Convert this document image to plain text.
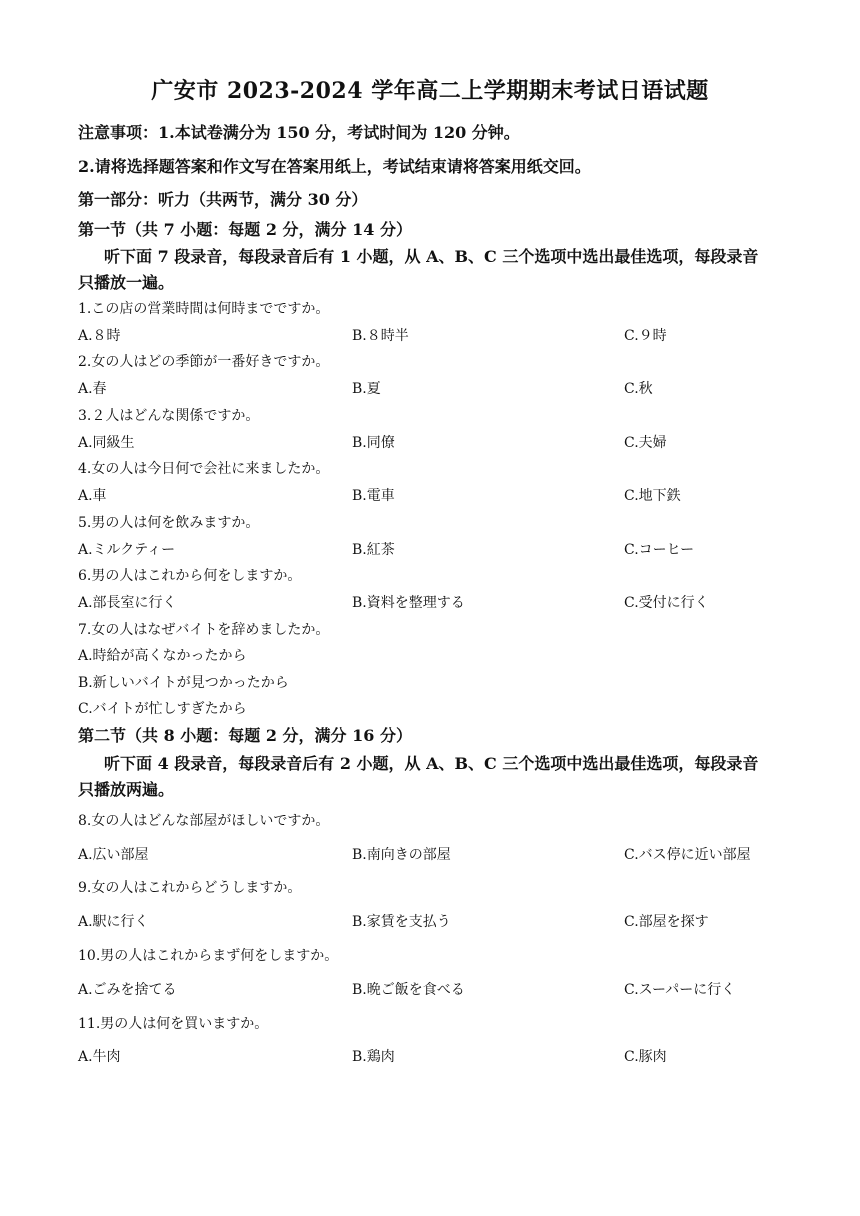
广安市 2023-2024 学年高二上学期期末考试日语试题
注意事项：1.本试卷满分为 150 分，考试时间为 120 分钟。
2.请将选择题答案和作文写在答案用纸上，考试结束请将答案用纸交回。
第一部分：听力（共两节，满分 30 分）
第一节（共 7 小题：每题 2 分，满分 14 分）
听下面 7 段录音，每段录音后有 1 小题，从 A、B、C 三个选项中选出最佳选项，每段录音
只播放一遍。
1.この店の営業時間は何時までですか。
A.８時	B.８時半	C.９時
2.女の人はどの季節が一番好きですか。
A.春	B.夏	C.秋
3.２人はどんな関係ですか。
A.同級生	B.同僚	C.夫婦
4.女の人は今日何で会社に来ましたか。
A.車	B.電車	C.地下鉄
5.男の人は何を飲みますか。
A.ミルクティー	B.紅茶	C.コーヒー
6.男の人はこれから何をしますか。
A.部長室に行く	B.資料を整理する	C.受付に行く
7.女の人はなぜバイトを辞めましたか。
A.時給が高くなかったから
B.新しいバイトが見つかったから
C.バイトが忙しすぎたから
第二节（共 8 小题：每题 2 分，满分 16 分）
听下面 4 段录音，每段录音后有 2 小题，从 A、B、C 三个选项中选出最佳选项，每段录音
只播放两遍。
8.女の人はどんな部屋がほしいですか。
A.広い部屋	B.南向きの部屋	C.バス停に近い部屋
9.女の人はこれからどうしますか。
A.駅に行く	B.家賃を支払う	C.部屋を探す
10.男の人はこれからまず何をしますか。
A.ごみを捨てる	B.晩ご飯を食べる	C.スーパーに行く
11.男の人は何を買いますか。
A.牛肉	B.鶏肉	C.豚肉
